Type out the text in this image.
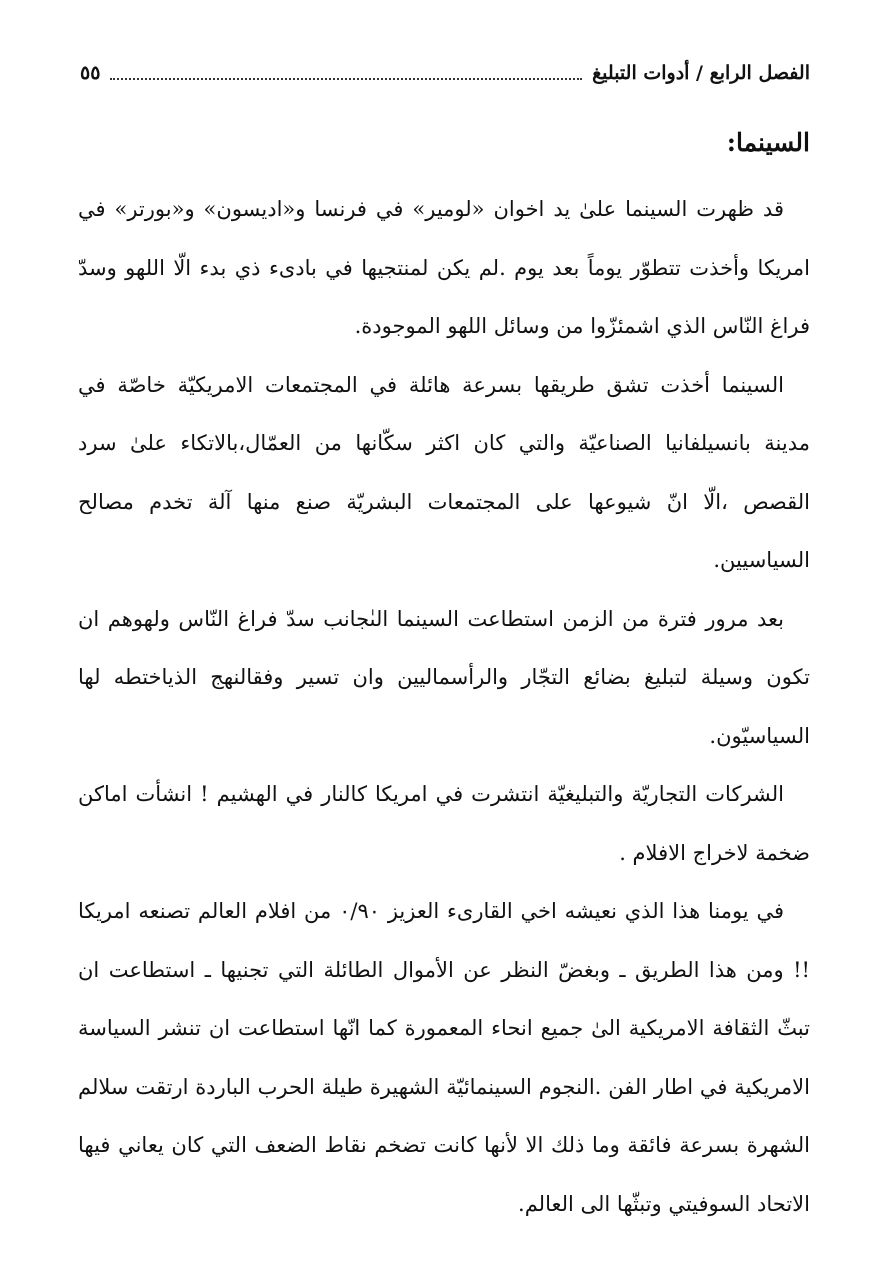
الفصل الرابع / أدوات التبليغ
٥٥
السينما:

قد ظهرت السينما علىٰ يد اخوان «لومير» في فرنسا و«اديسون» و«بورتر» في امريكا وأخذت تتطوّر يوماً بعد يوم .لم يكن لمنتجيها في بادىء ذي بدء الّا اللهو وسدّ فراغ النّاس الذي اشمئزّوا من وسائل اللهو الموجودة.

السينما أخذت تشق طريقها بسرعة هائلة في المجتمعات الامريكيّة خاصّة في مدينة بانسيلفانيا الصناعيّة والتي كان اكثر سكّانها من العمّال،بالاتكاء علىٰ سرد القصص ،الّا انّ شيوعها على المجتمعات البشريّة صنع منها آلة تخدم مصالح السياسيين.

بعد مرور فترة من الزمن استطاعت السينما الىٰجانب سدّ فراغ النّاس ولهوهم ان تكون وسيلة لتبليغ بضائع التجّار والرأسماليين وان تسير وفقالنهج الذياختطه لها السياسيّون.

الشركات التجاريّة والتبليغيّة انتشرت في امريكا كالنار في الهشيم ! انشأت اماكن ضخمة لاخراج الافلام .

في يومنا هذا الذي نعيشه اخي القارىء العزيز ٠/٩٠ من افلام العالم تصنعه امريكا !! ومن هذا الطريق ـ وبغضّ النظر عن الأموال الطائلة التي تجنيها ـ استطاعت ان تبثّ الثقافة الامريكية الىٰ جميع انحاء المعمورة كما انّها استطاعت ان تنشر السياسة الامريكية في اطار الفن .النجوم السينمائيّة الشهيرة طيلة الحرب الباردة ارتقت سلالم الشهرة بسرعة فائقة وما ذلك الا لأنها كانت تضخم نقاط الضعف التي كان يعاني فيها الاتحاد السوفيتي وتبثّها الى العالم.
